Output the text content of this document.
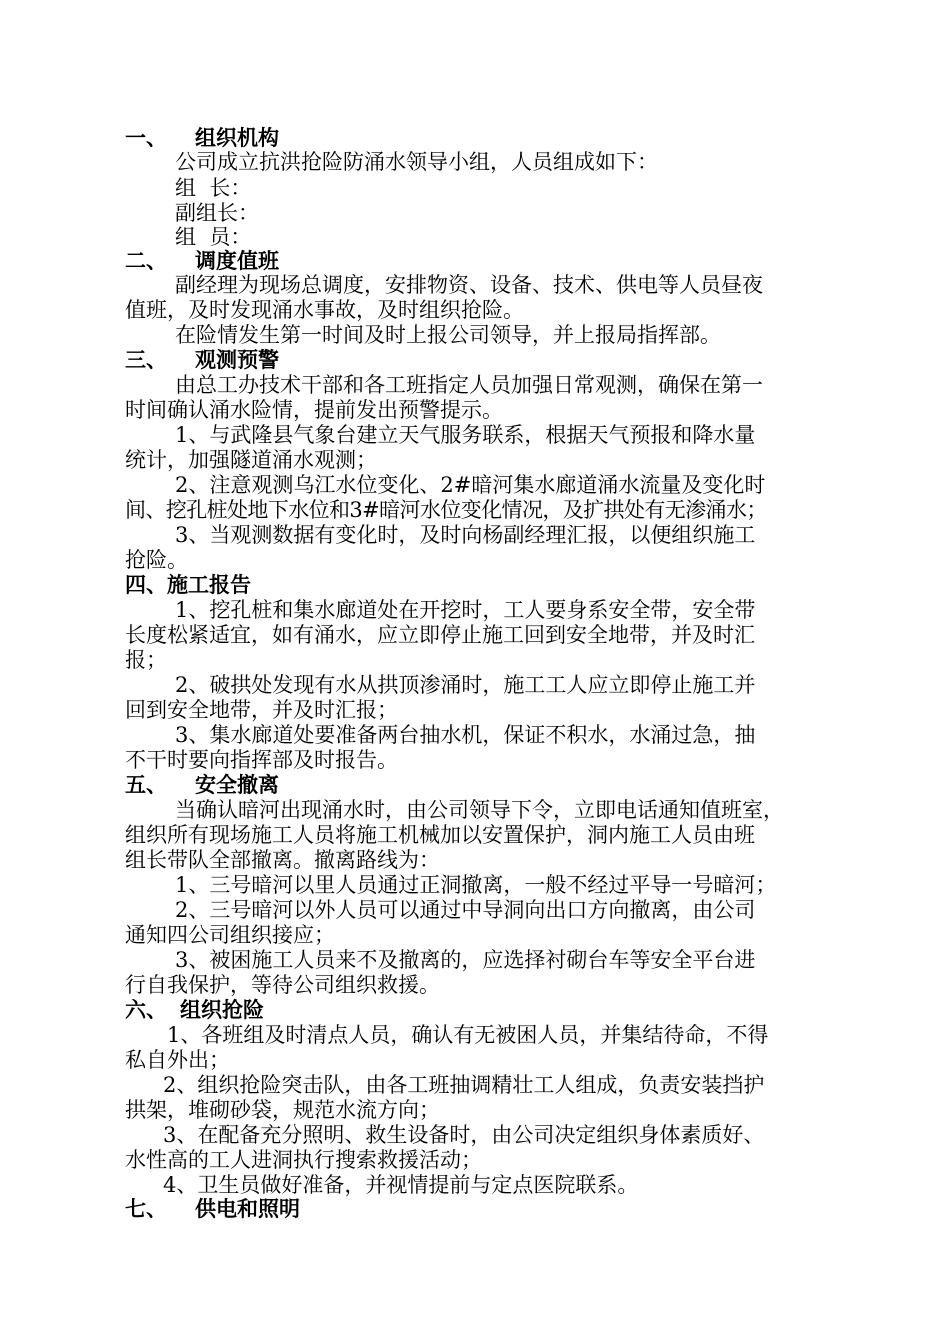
一、 组织机构
公司成立抗洪抢险防涌水领导小组，人员组成如下：
组  长：
副组长：
组  员：
二、 调度值班
副经理为现场总调度，安排物资、设备、技术、供电等人员昼夜
值班，及时发现涌水事故，及时组织抢险。
在险情发生第一时间及时上报公司领导，并上报局指挥部。
三、 观测预警
由总工办技术干部和各工班指定人员加强日常观测，确保在第一
时间确认涌水险情，提前发出预警提示。
1、与武隆县气象台建立天气服务联系，根据天气预报和降水量
统计，加强隧道涌水观测；
2、注意观测乌江水位变化、2#暗河集水廊道涌水流量及变化时
间、挖孔桩处地下水位和3#暗河水位变化情况，及扩拱处有无渗涌水；
3、当观测数据有变化时，及时向杨副经理汇报，以便组织施工
抢险。
四、施工报告
1、挖孔桩和集水廊道处在开挖时，工人要身系安全带，安全带
长度松紧适宜，如有涌水，应立即停止施工回到安全地带，并及时汇
报；
2、破拱处发现有水从拱顶渗涌时，施工工人应立即停止施工并
回到安全地带，并及时汇报；
3、集水廊道处要准备两台抽水机，保证不积水，水涌过急，抽
不干时要向指挥部及时报告。
五、 安全撤离
当确认暗河出现涌水时，由公司领导下令，立即电话通知值班室，
组织所有现场施工人员将施工机械加以安置保护，洞内施工人员由班
组长带队全部撤离。撤离路线为：
1、三号暗河以里人员通过正洞撤离，一般不经过平导一号暗河；
2、三号暗河以外人员可以通过中导洞向出口方向撤离，由公司
通知四公司组织接应；
3、被困施工人员来不及撤离的，应选择衬砌台车等安全平台进
行自我保护，等待公司组织救援。
六、 组织抢险
1、各班组及时清点人员，确认有无被困人员，并集结待命，不得
私自外出；
2、组织抢险突击队，由各工班抽调精壮工人组成，负责安装挡护
拱架，堆砌砂袋，规范水流方向；
3、在配备充分照明、救生设备时，由公司决定组织身体素质好、
水性高的工人进洞执行搜索救援活动；
4、卫生员做好准备，并视情提前与定点医院联系。
七、 供电和照明
